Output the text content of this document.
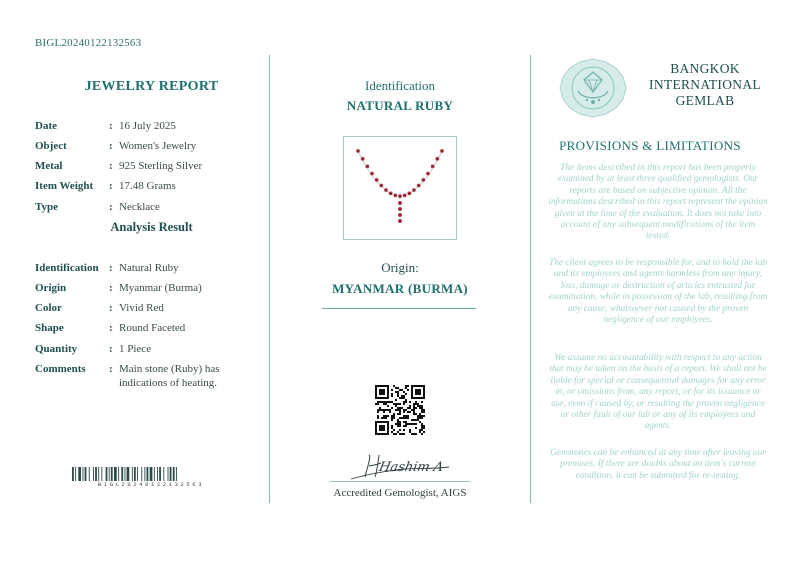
BIGL20240122132563
JEWELRY REPORT
Date	: 16 July 2025
Object	: Women's Jewelry
Metal	: 925 Sterling Silver
Item Weight	: 17.48 Grams
Type	: Necklace
Analysis Result
Identification : Natural Ruby
Origin	: Myanmar (Burma)
Color	: Vivid Red
Shape	: Round Faceted
Quantity	: 1 Piece
Comments	: Main stone (Ruby) has indications of heating.
BIGL20240122132563
Identification
NATURAL RUBY
Origin:
MYANMAR (BURMA)
Hashim A
Accredited Gemologist, AIGS
BANGKOK
INTERNATIONAL
GEMLAB
PROVISIONS & LIMITATIONS
The items described in this report has been properly examined by at least three qualified gemologists. Our reports are based on subjective opinion. All the informations described in this report represent the opinion given at the time of the evaluation. It does not take into account of any subsequent modifications of the item tested.
The client agrees to be responsible for, and to hold the lab and its employees and agents harmless from any injury, loss, damage or destruction of articles entrusted for examination, while in possession of the lab, resulting from any cause, whatsoever not caused by the proven negligence of our employees.
We assume no accountability with respect to any action that may be taken on the basis of a report. We shall not be liable for special or consequential damages for any error in, or omissions from, any report, or for its issuance or use, even if caused by, or resulting the proven negligence or other fault of our lab or any of its employees and agents.
Gemstones can be enhanced at any time after leaving our premises. If there are doubts about an item's current condition, it can be submitted for re-testing.
